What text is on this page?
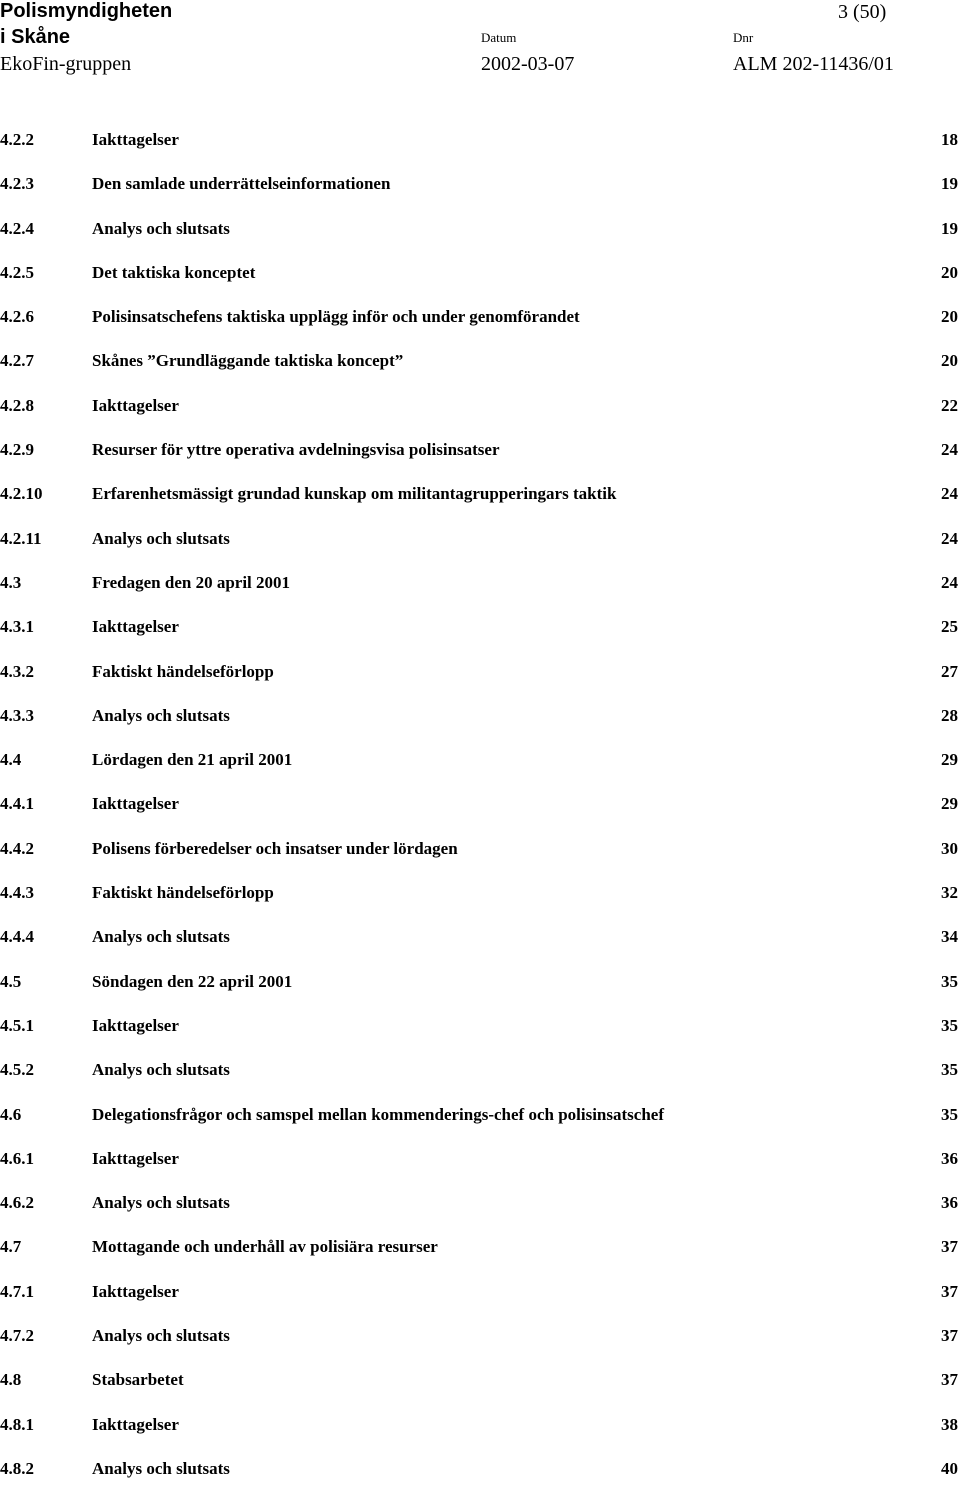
Polismyndigheten
i Skåne
3 (50)
Datum	Dnr
EkoFin-gruppen	2002-03-07	ALM 202-11436/01
4.2.2	Iakttagelser	18
4.2.3	Den samlade underrättelseinformationen	19
4.2.4	Analys och slutsats	19
4.2.5	Det taktiska konceptet	20
4.2.6	Polisinsatschefens taktiska upplägg inför och under genomförandet	20
4.2.7	Skånes ”Grundläggande taktiska koncept”	20
4.2.8	Iakttagelser	22
4.2.9	Resurser för yttre operativa avdelningsvisa polisinsatser	24
4.2.10	Erfarenhetsmässigt grundad kunskap om militantagrupperingars taktik	24
4.2.11	Analys och slutsats	24
4.3	Fredagen den 20 april 2001	24
4.3.1	Iakttagelser	25
4.3.2	Faktiskt händelseförlopp	27
4.3.3	Analys och slutsats	28
4.4	Lördagen den 21 april 2001	29
4.4.1	Iakttagelser	29
4.4.2	Polisens förberedelser och insatser under lördagen	30
4.4.3	Faktiskt händelseförlopp	32
4.4.4	Analys och slutsats	34
4.5	Söndagen den 22 april 2001	35
4.5.1	Iakttagelser	35
4.5.2	Analys och slutsats	35
4.6	Delegationsfrågor och samspel mellan kommenderings-chef och polisinsatschef	35
4.6.1	Iakttagelser	36
4.6.2	Analys och slutsats	36
4.7	Mottagande och underhåll av polisiära resurser	37
4.7.1	Iakttagelser	37
4.7.2	Analys och slutsats	37
4.8	Stabsarbetet	37
4.8.1	Iakttagelser	38
4.8.2	Analys och slutsats	40
